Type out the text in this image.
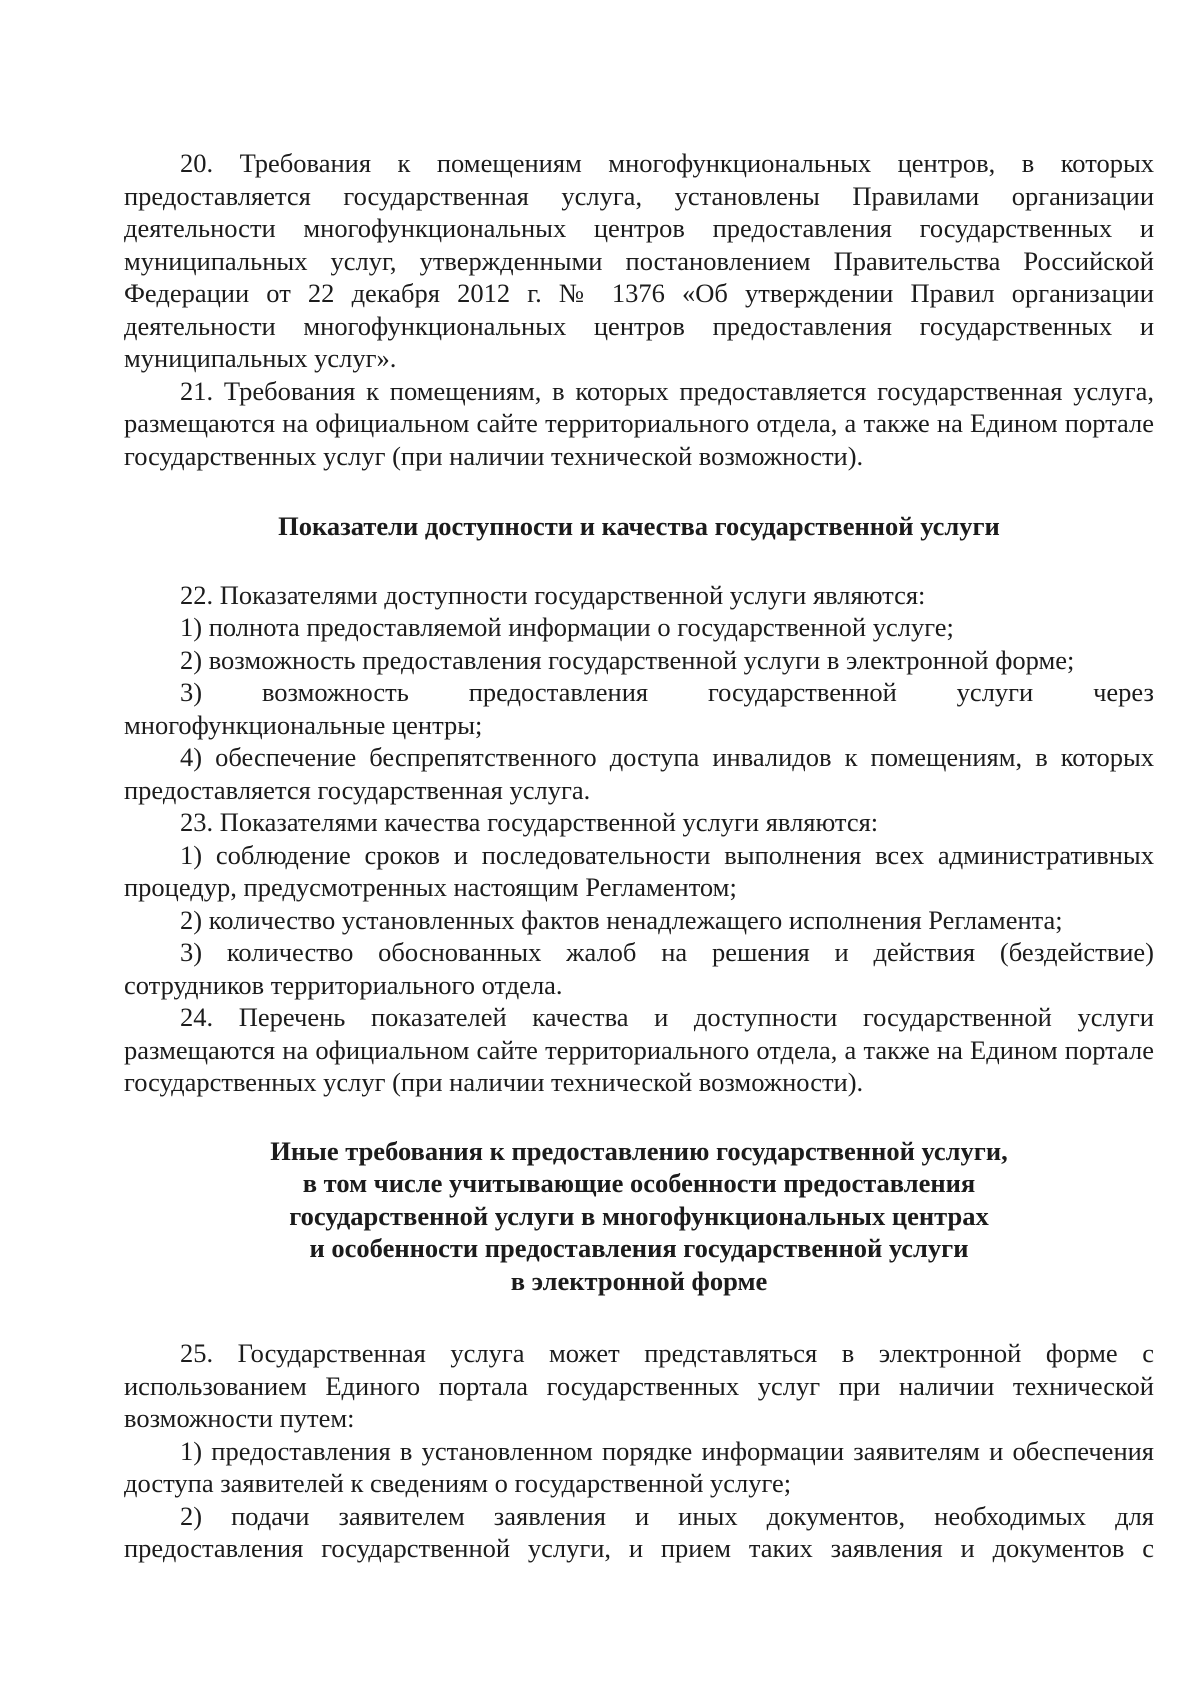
20. Требования к помещениям многофункциональных центров, в которых предоставляется государственная услуга, установлены Правилами организации деятельности многофункциональных центров предоставления государственных и муниципальных услуг, утвержденными постановлением Правительства Российской Федерации от 22 декабря 2012 г. № 1376 «Об утверждении Правил организации деятельности многофункциональных центров предоставления государственных и муниципальных услуг».

21. Требования к помещениям, в которых предоставляется государственная услуга, размещаются на официальном сайте территориального отдела, а также на Едином портале государственных услуг (при наличии технической возможности).

Показатели доступности и качества государственной услуги

22. Показателями доступности государственной услуги являются:

1) полнота предоставляемой информации о государственной услуге;

2) возможность предоставления государственной услуги в электронной форме;

3) возможность предоставления государственной услуги через многофункциональные центры;

4) обеспечение беспрепятственного доступа инвалидов к помещениям, в которых предоставляется государственная услуга.

23. Показателями качества государственной услуги являются:

1) соблюдение сроков и последовательности выполнения всех административных процедур, предусмотренных настоящим Регламентом;

2) количество установленных фактов ненадлежащего исполнения Регламента;

3) количество обоснованных жалоб на решения и действия (бездействие) сотрудников территориального отдела.

24. Перечень показателей качества и доступности государственной услуги размещаются на официальном сайте территориального отдела, а также на Едином портале государственных услуг (при наличии технической возможности).

Иные требования к предоставлению государственной услуги,
в том числе учитывающие особенности предоставления
государственной услуги в многофункциональных центрах
и особенности предоставления государственной услуги
в электронной форме

25. Государственная услуга может представляться в электронной форме с использованием Единого портала государственных услуг при наличии технической возможности путем:

1) предоставления в установленном порядке информации заявителям и обеспечения доступа заявителей к сведениям о государственной услуге;

2) подачи заявителем заявления и иных документов, необходимых для предоставления государственной услуги, и прием таких заявления и документов с
